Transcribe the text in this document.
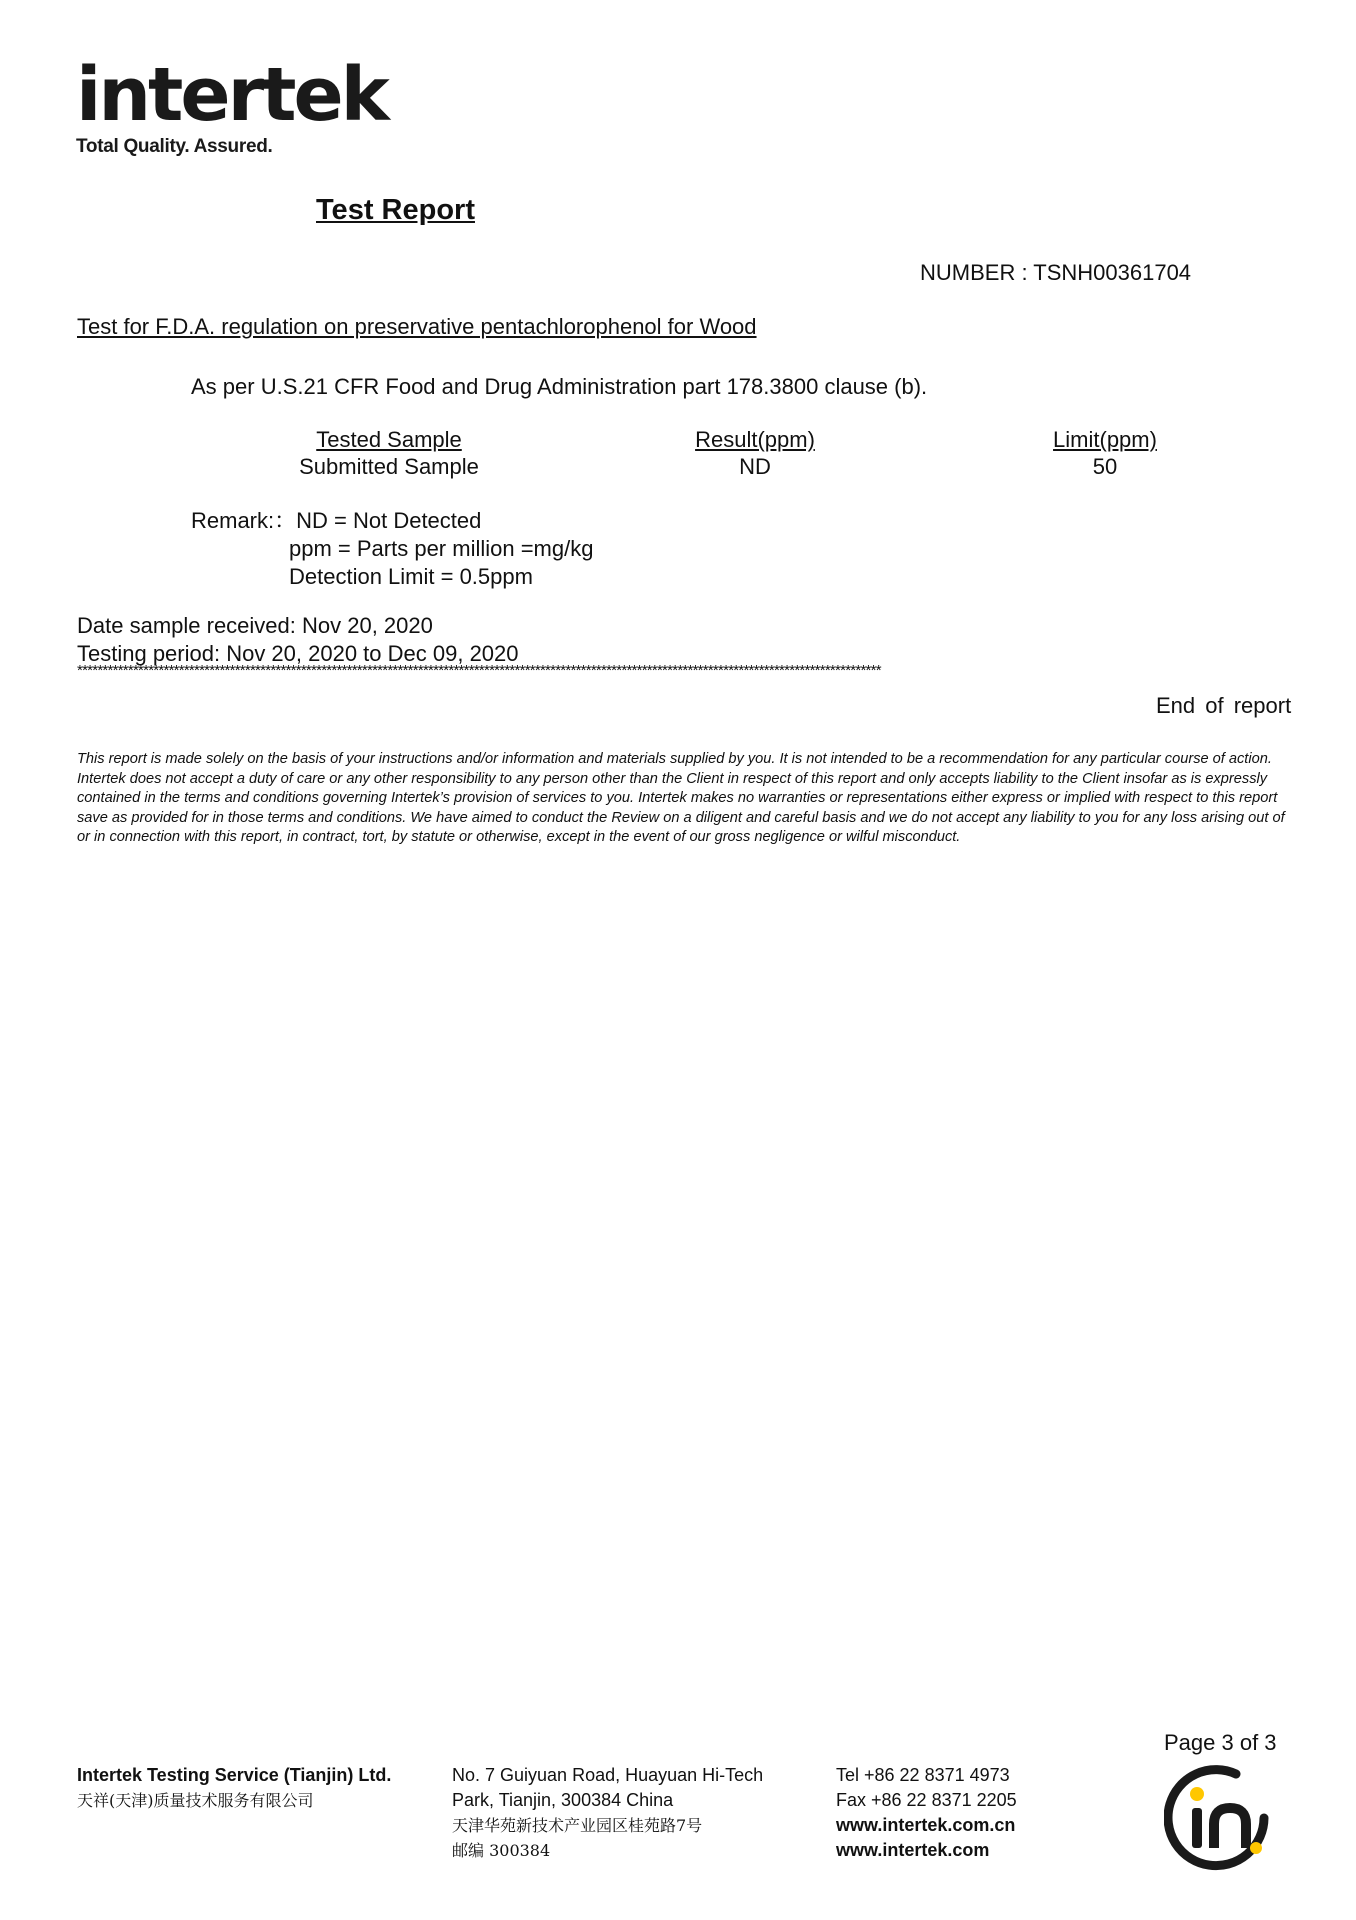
intertek
Total Quality. Assured.
Test Report
NUMBER : TSNH00361704
Test for F.D.A. regulation on preservative pentachlorophenol for Wood
As per U.S.21 CFR Food and Drug Administration part 178.3800 clause (b).
Tested Sample	Result(ppm)	Limit(ppm)
Submitted Sample	ND	50
Remark:：ND = Not Detected
ppm = Parts per million =mg/kg
Detection Limit = 0.5ppm
Date sample received: Nov 20, 2020
Testing period: Nov 20, 2020 to Dec 09, 2020
**************************************************************************************************************************************************************
End of report
This report is made solely on the basis of your instructions and/or information and materials supplied by you. It is not intended to be a recommendation for any particular course of action. Intertek does not accept a duty of care or any other responsibility to any person other than the Client in respect of this report and only accepts liability to the Client insofar as is expressly contained in the terms and conditions governing Intertek’s provision of services to you. Intertek makes no warranties or representations either express or implied with respect to this report save as provided for in those terms and conditions. We have aimed to conduct the Review on a diligent and careful basis and we do not accept any liability to you for any loss arising out of or in connection with this report, in contract, tort, by statute or otherwise, except in the event of our gross negligence or wilful misconduct.
Intertek Testing Service (Tianjin) Ltd.
天祥(天津)质量技术服务有限公司
No. 7 Guiyuan Road, Huayuan Hi-Tech
Park, Tianjin, 300384 China
天津华苑新技术产业园区桂苑路7号
邮编 300384
Tel +86 22 8371 4973
Fax +86 22 8371 2205
www.intertek.com.cn
www.intertek.com
Page 3 of 3
